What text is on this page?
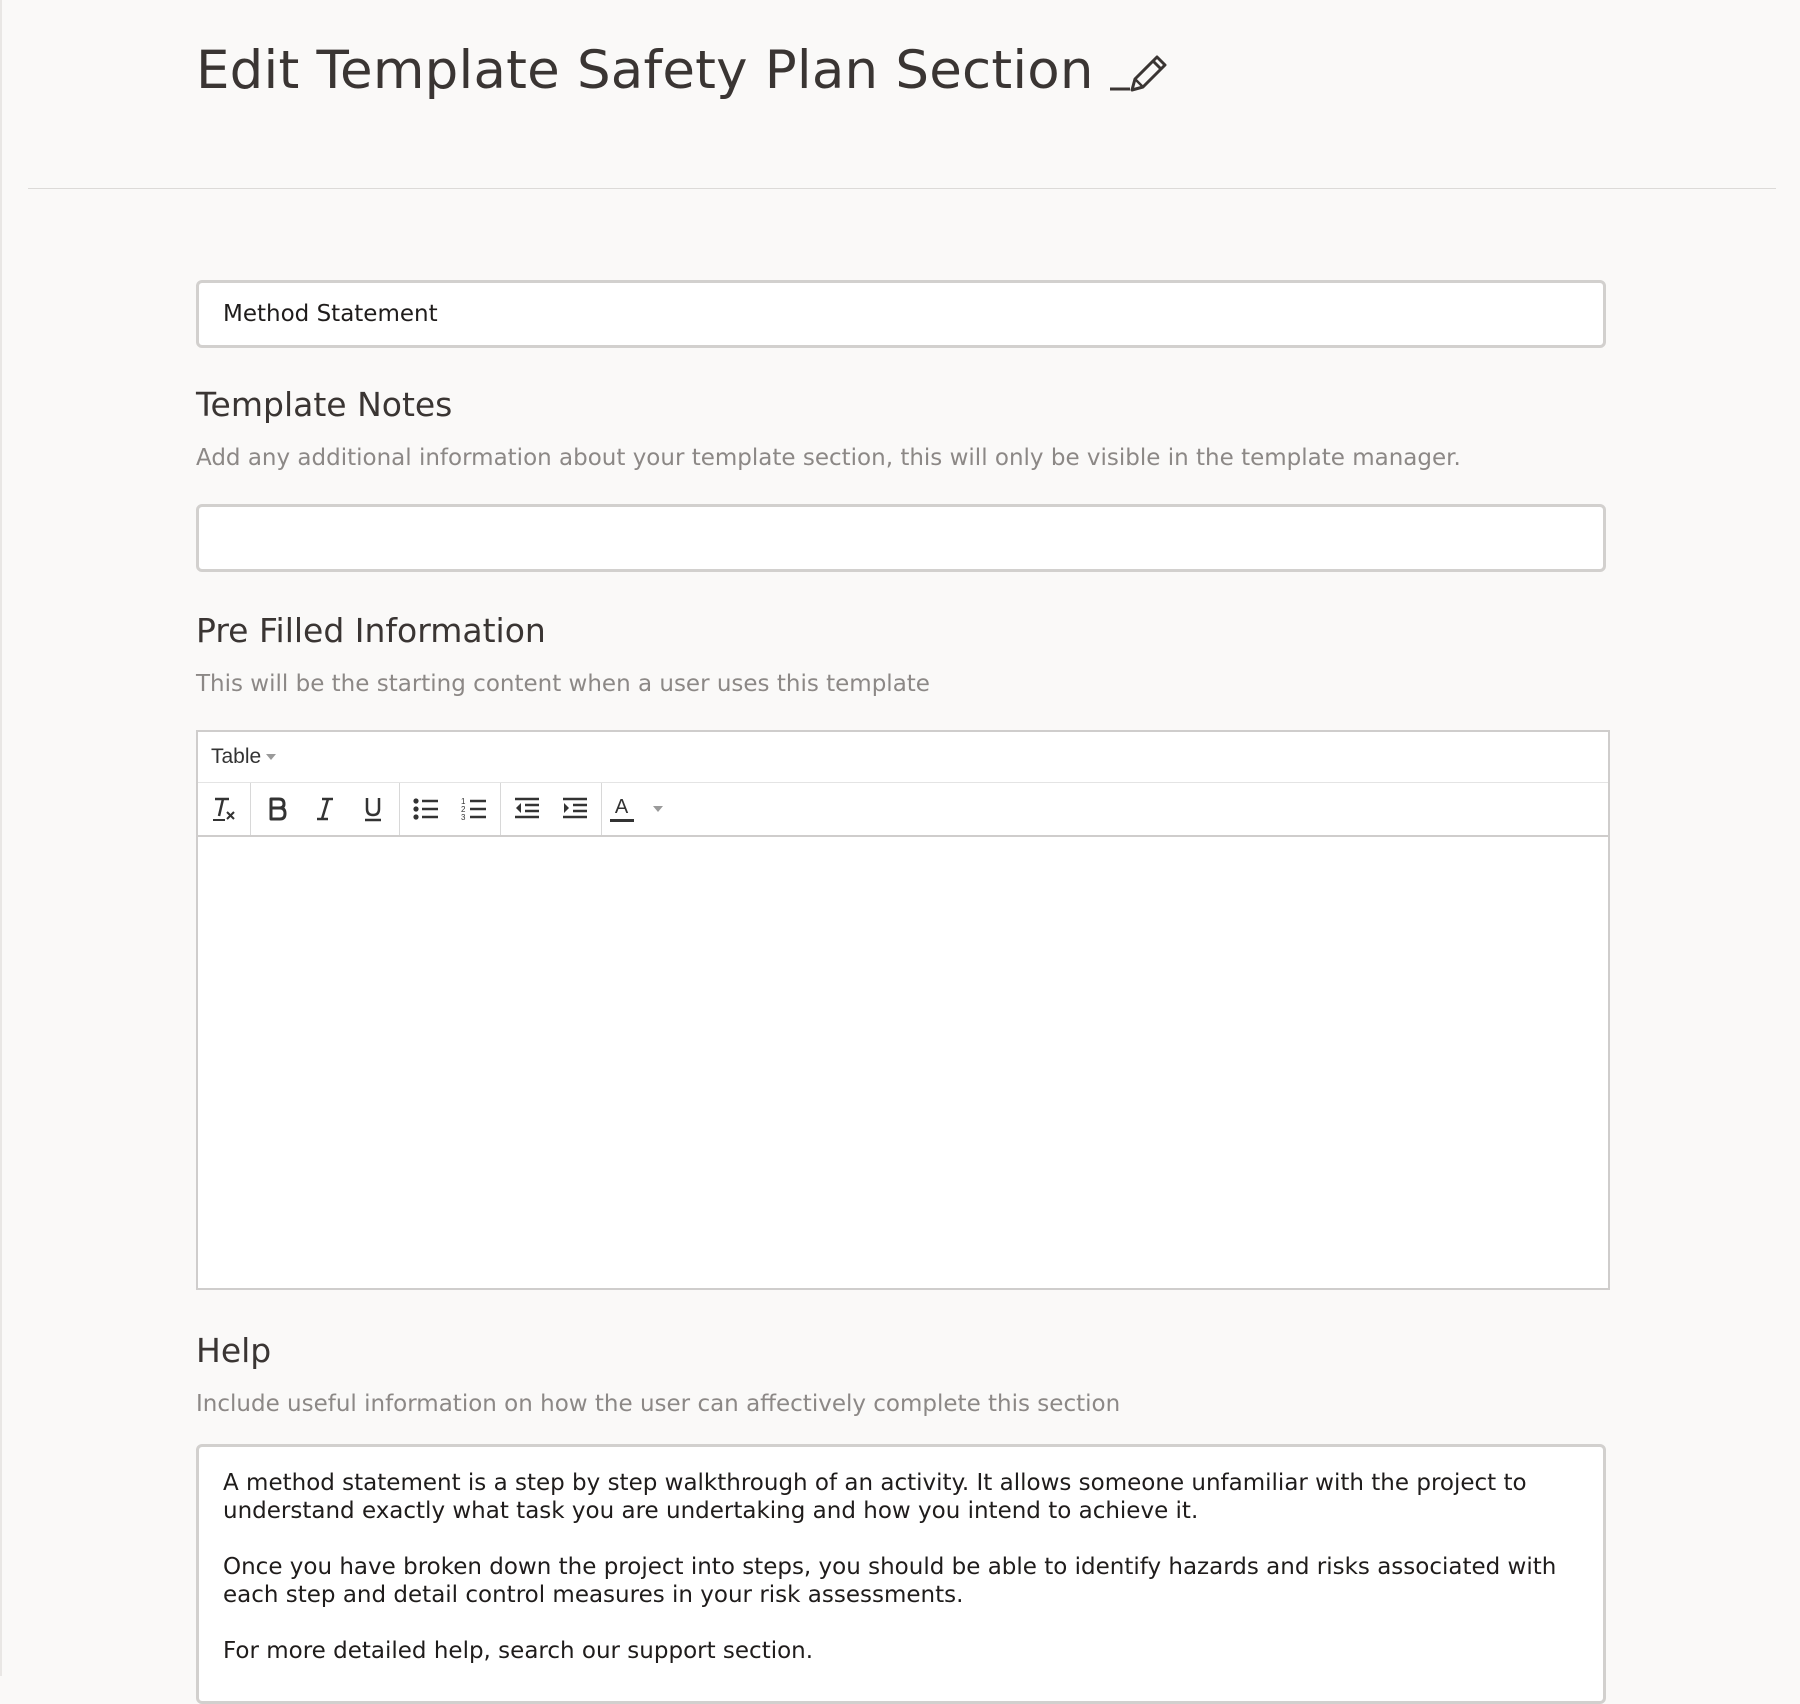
Edit Template Safety Plan Section
Method Statement
Template Notes

Add any additional information about your template section, this will only be visible in the template manager.

Pre Filled Information

This will be the starting content when a user uses this template

Table
1
2
3	A
Help

Include useful information on how the user can affectively complete this section

A method statement is a step by step walkthrough of an activity. It allows someone unfamiliar with the project to understand exactly what task you are undertaking and how you intend to achieve it.

Once you have broken down the project into steps, you should be able to identify hazards and risks associated with each step and detail control measures in your risk assessments.

For more detailed help, search our support section.
